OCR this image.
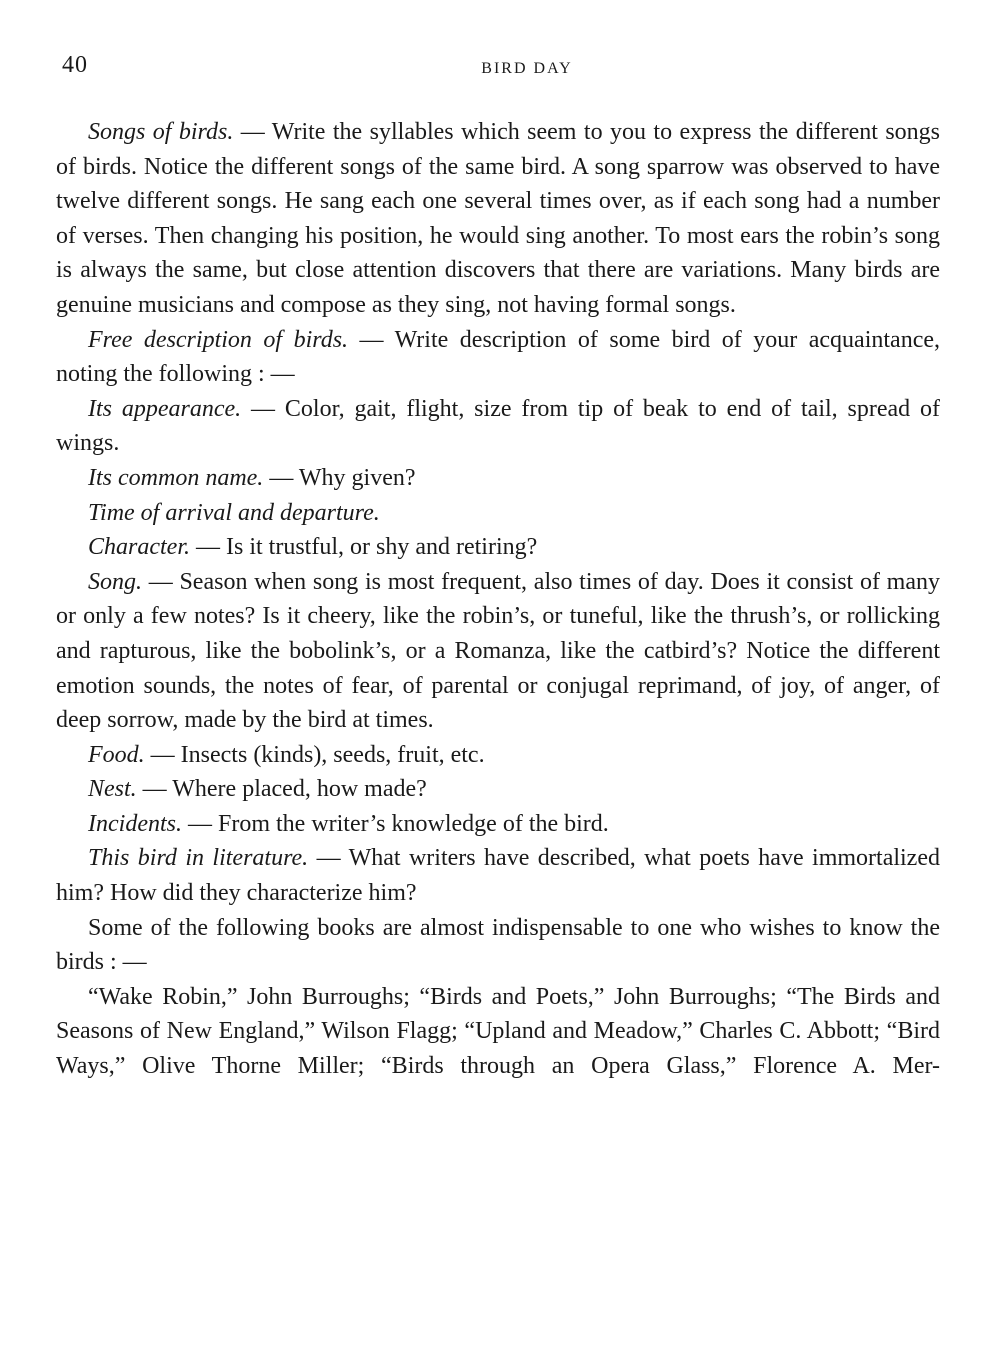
40	BIRD DAY

Songs of birds. — Write the syllables which seem to you to express the different songs of birds. Notice the different songs of the same bird. A song sparrow was observed to have twelve different songs. He sang each one several times over, as if each song had a number of verses. Then changing his position, he would sing another. To most ears the robin’s song is always the same, but close attention discovers that there are variations. Many birds are genuine musicians and compose as they sing, not having formal songs.

Free description of birds. — Write description of some bird of your acquaintance, noting the following : —

Its appearance. — Color, gait, flight, size from tip of beak to end of tail, spread of wings.

Its common name. — Why given?

Time of arrival and departure.

Character. — Is it trustful, or shy and retiring?

Song. — Season when song is most frequent, also times of day. Does it consist of many or only a few notes? Is it cheery, like the robin’s, or tuneful, like the thrush’s, or rollicking and rapturous, like the bobolink’s, or a Romanza, like the catbird’s? Notice the different emotion sounds, the notes of fear, of parental or conjugal reprimand, of joy, of anger, of deep sorrow, made by the bird at times.

Food. — Insects (kinds), seeds, fruit, etc.

Nest. — Where placed, how made?

Incidents. — From the writer’s knowledge of the bird.

This bird in literature. — What writers have described, what poets have immortalized him? How did they characterize him?

Some of the following books are almost indispensable to one who wishes to know the birds : —

“Wake Robin,” John Burroughs; “Birds and Poets,” John Burroughs; “The Birds and Seasons of New England,” Wilson Flagg; “Upland and Meadow,” Charles C. Abbott; “Bird Ways,” Olive Thorne Miller; “Birds through an Opera Glass,” Florence A. Mer-
